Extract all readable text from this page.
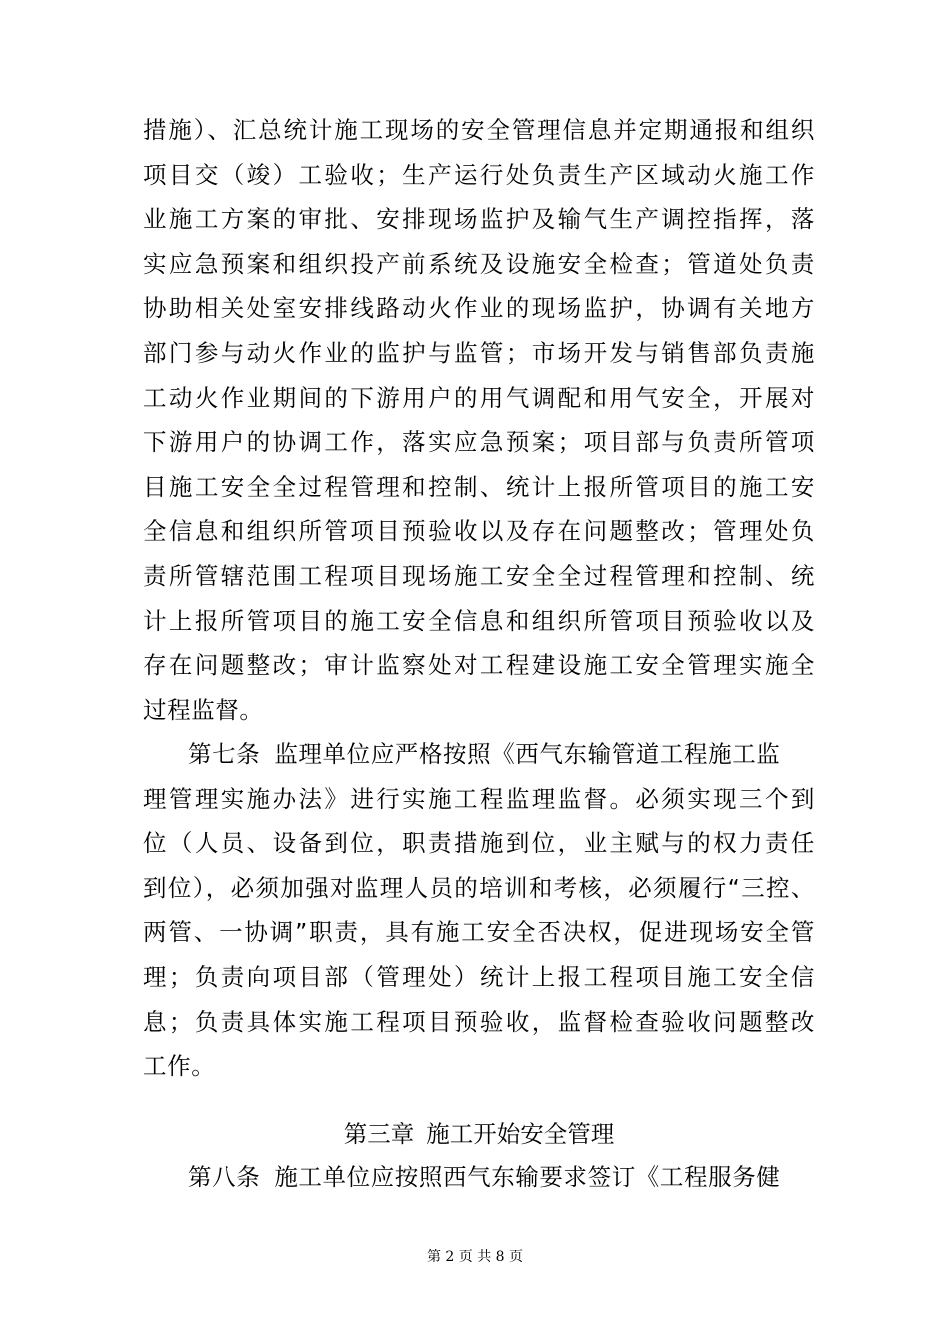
措施）、汇总统计施工现场的安全管理信息并定期通报和组织
项目交（竣）工验收；生产运行处负责生产区域动火施工作
业施工方案的审批、安排现场监护及输气生产调控指挥，落
实应急预案和组织投产前系统及设施安全检查；管道处负责
协助相关处室安排线路动火作业的现场监护，协调有关地方
部门参与动火作业的监护与监管；市场开发与销售部负责施
工动火作业期间的下游用户的用气调配和用气安全，开展对
下游用户的协调工作，落实应急预案；项目部与负责所管项
目施工安全全过程管理和控制、统计上报所管项目的施工安
全信息和组织所管项目预验收以及存在问题整改；管理处负
责所管辖范围工程项目现场施工安全全过程管理和控制、统
计上报所管项目的施工安全信息和组织所管项目预验收以及
存在问题整改；审计监察处对工程建设施工安全管理实施全
过程监督。
第七条 监理单位应严格按照《西气东输管道工程施工监
理管理实施办法》进行实施工程监理监督。必须实现三个到
位（人员、设备到位，职责措施到位，业主赋与的权力责任
到位），必须加强对监理人员的培训和考核，必须履行“三控、
两管、一协调”职责，具有施工安全否决权，促进现场安全管
理；负责向项目部（管理处）统计上报工程项目施工安全信
息；负责具体实施工程项目预验收，监督检查验收问题整改
工作。
第三章 施工开始安全管理
第八条 施工单位应按照西气东输要求签订《工程服务健
第 2 页 共 8 页
